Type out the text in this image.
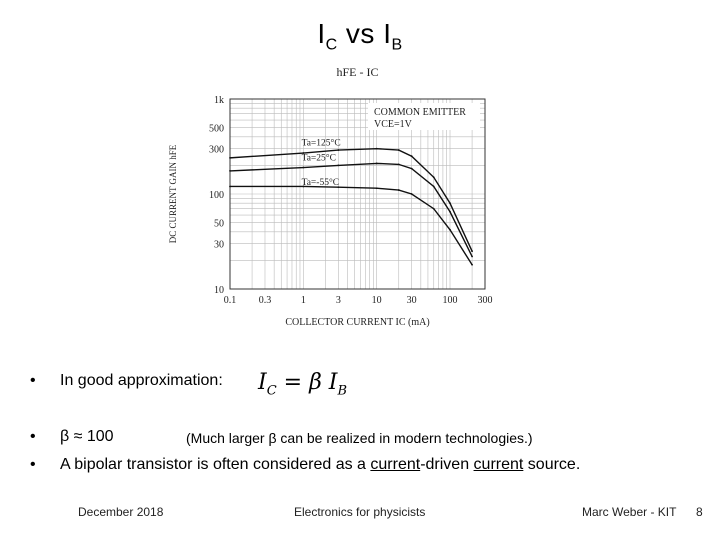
$I_C$ vs $I_B$
0.1 0.3	1	3	10 30	100 300
10
30
50
100
300
500
1k
hFE - IC
COLLECTOR CURRENT IC (mA)
DC CURRENT GAIN hFE
COMMON EMITTER
VCE=1V
Ta=125°C
Ta=25°C
Ta=-55°C
•	In good approximation: $I_C = \beta$ $I_B$
•	β ≈ 100	(Much larger β can be realized in modern technologies.)
•	A bipolar transistor is often considered as a current-driven current source.
December 2018	Electronics for physicists	Marc Weber - KIT 8
